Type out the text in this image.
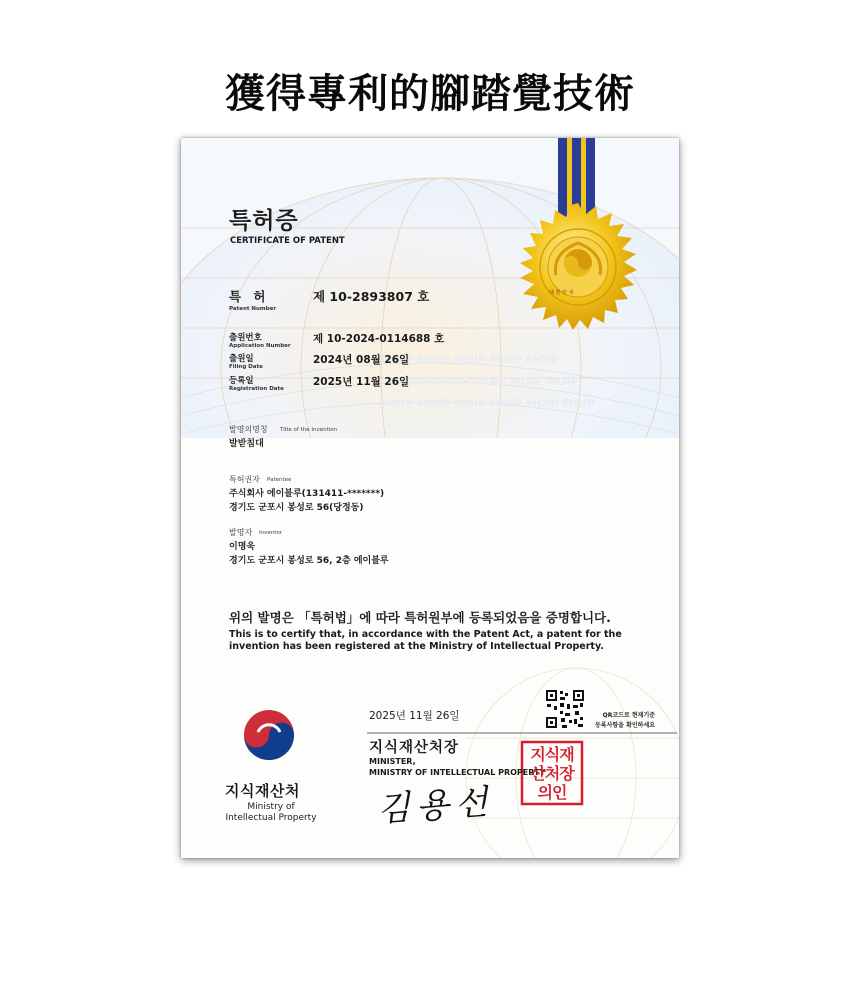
獲得專利的腳踏覺技術
MOIP MOIP MOIP MOIP MOIP
MOIP MOIP MOIP MOIP MOIP
MOIP MOIP MOIP MOIP MOIP MOIP
특허증
CERTIFICATE OF PATENT
특 허
Patent Number
제 10-2893807 호
출원번호
Application Number
제 10-2024-0114688 호
출원일
Filing Date
2024년 08월 26일
등록일
Registration Date
2025년 11월 26일
발명의명칭 Title of the Invention
발받침대
특허권자 Patentee
주식회사 에이블루(131411-*******)
경기도 군포시 봉성로 56(당정동)
발명자 Inventor
이명욱
경기도 군포시 봉성로 56, 2층 에이블루
위의 발명은 「특허법」에 따라 특허원부에 등록되었음을 증명합니다.
This is to certify that, in accordance with the Patent Act, a patent for the invention has been registered at the Ministry of Intellectual Property.
2025년 11월 26일	QR코드로 현재기준
등록사항을 확인하세요
지식재산처장
MINISTER,
MINISTRY OF INTELLECTUAL PROPERTY
김용선
지식재산처장의인
대 한 민 국
지식재산처
Ministry of Intellectual Property
